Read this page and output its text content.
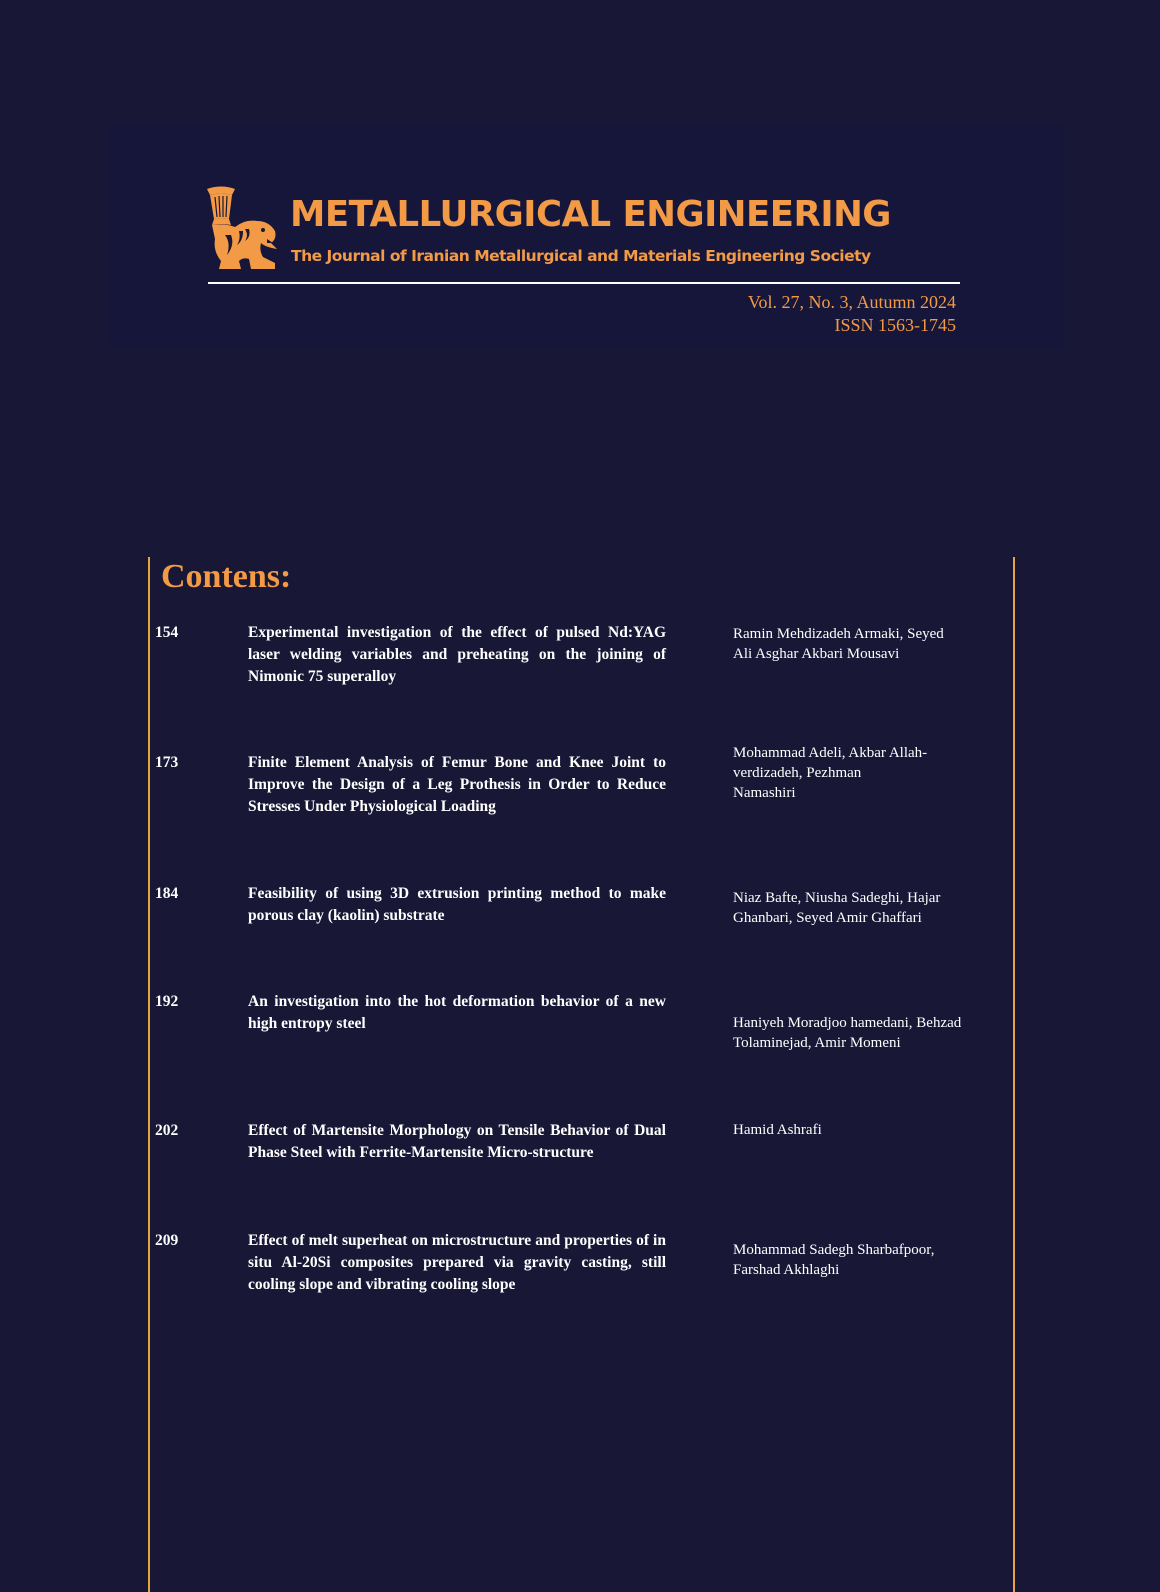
METALLURGICAL ENGINEERING
The Journal of Iranian Metallurgical and Materials Engineering Society
Vol. 27, No. 3, Autumn 2024
ISSN 1563-1745
Contens:
154	Experimental investigation of the effect of pulsed Nd:YAG laser welding variables and preheating on the joining of Nimonic 75 superalloy
Ramin Mehdizadeh Armaki, Seyed
Ali Asghar Akbari Mousavi
173	Finite Element Analysis of Femur Bone and Knee Joint to Improve the Design of a Leg Prothesis in Order to Reduce Stresses Under Physiological Loading
Mohammad Adeli, Akbar Allah-
verdizadeh, Pezhman
Namashiri
184	Feasibility of using 3D extrusion printing method to make porous clay (kaolin) substrate
Niaz Bafte, Niusha Sadeghi, Hajar
Ghanbari, Seyed Amir Ghaffari
192	An investigation into the hot deformation behavior of a new high entropy steel	Haniyeh Moradjoo hamedani, Behzad
Tolaminejad, Amir Momeni
202	Effect of Martensite Morphology on Tensile Behavior of Dual Phase Steel with Ferrite-Martensite Micro-structure
Hamid Ashrafi
209	Effect of melt superheat on microstructure and properties of in situ Al-20Si composites prepared via gravity casting, still cooling slope and vibrating cooling slope
Mohammad Sadegh Sharbafpoor,
Farshad Akhlaghi
